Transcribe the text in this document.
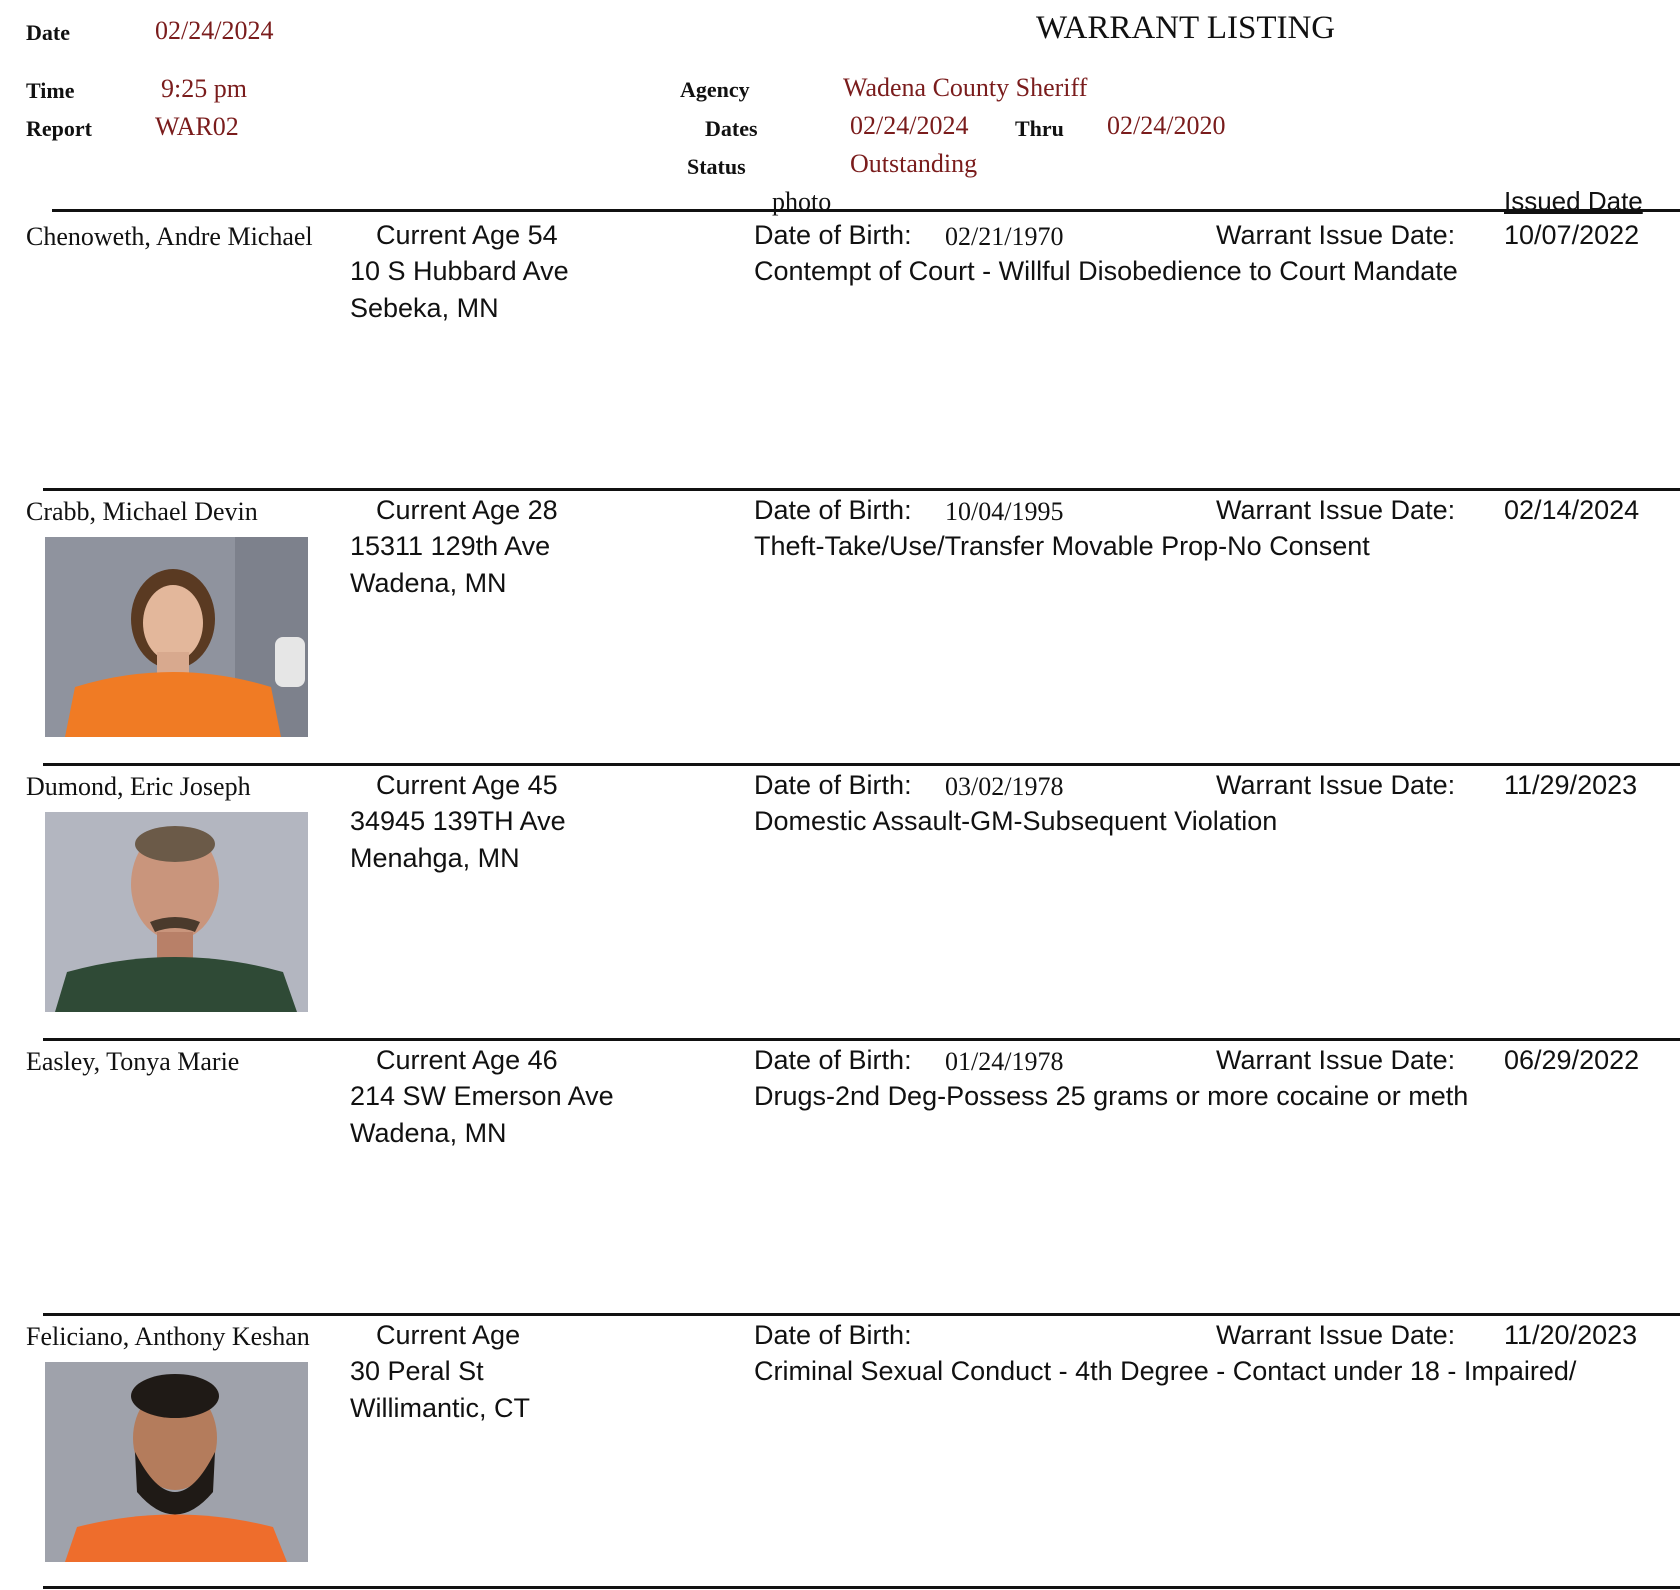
Date	02/24/2024	WARRANT LISTING
Time	9:25 pm	Agency	Wadena County Sheriff
Report WAR02	Dates	02/24/2024 Thru 02/24/2020
Status	Outstanding
photo	Issued Date
Chenoweth, Andre Michael Current Age 54
10 S Hubbard Ave
Sebeka, MN
Date of Birth: 02/21/1970	Warrant Issue Date: 10/07/2022
Contempt of Court - Willful Disobedience to Court Mandate
Crabb, Michael Devin	Current Age 28
15311 129th Ave
Wadena, MN
Date of Birth: 10/04/1995	Warrant Issue Date: 02/14/2024
Theft-Take/Use/Transfer Movable Prop-No Consent
Dumond, Eric Joseph	Current Age 45
34945 139TH Ave
Menahga, MN
Date of Birth: 03/02/1978	Warrant Issue Date: 11/29/2023
Domestic Assault-GM-Subsequent Violation
Easley, Tonya Marie	Current Age 46
214 SW Emerson Ave
Wadena, MN
Date of Birth: 01/24/1978	Warrant Issue Date: 06/29/2022
Drugs-2nd Deg-Possess 25 grams or more cocaine or meth
Feliciano, Anthony Keshan Current Age
30 Peral St
Willimantic, CT
Date of Birth:	Warrant Issue Date: 11/20/2023
Criminal Sexual Conduct - 4th Degree - Contact under 18 - Impaired/
